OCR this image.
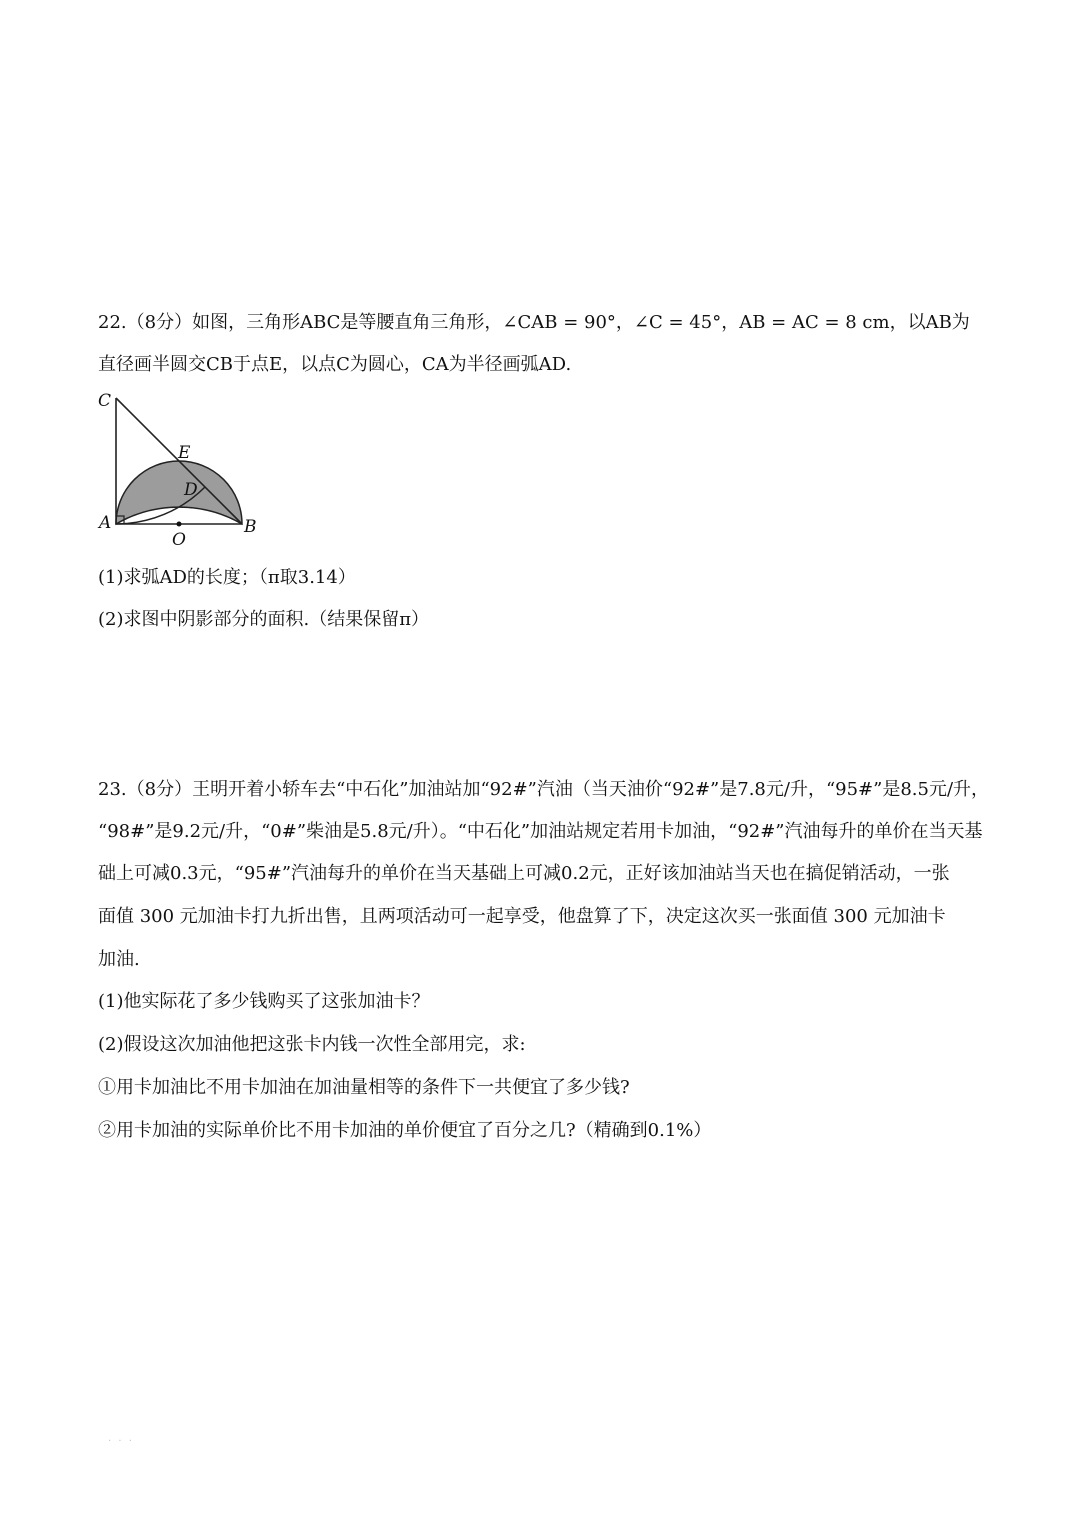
22.（8分）如图，三角形ABC是等腰直角三角形，∠CAB = 90°，∠C = 45°，AB = AC = 8 cm，以AB为

直径画半圆交CB于点E，以点C为圆心，CA为半径画弧AD.

C
E
D
A	B
O

(1)求弧AD的长度；（π取3.14）

(2)求图中阴影部分的面积.（结果保留π）

23.（8分）王明开着小轿车去“中石化”加油站加“92#”汽油（当天油价“92#”是7.8元/升，“95#”是8.5元/升，

“98#”是9.2元/升，“0#”柴油是5.8元/升）。“中石化”加油站规定若用卡加油，“92#”汽油每升的单价在当天基

础上可减0.3元，“95#”汽油每升的单价在当天基础上可减0.2元，正好该加油站当天也在搞促销活动，一张

面值 300 元加油卡打九折出售，且两项活动可一起享受，他盘算了下，决定这次买一张面值 300 元加油卡

加油.

(1)他实际花了多少钱购买了这张加油卡？

(2)假设这次加油他把这张卡内钱一次性全部用完，求:

①用卡加油比不用卡加油在加油量相等的条件下一共便宜了多少钱?

②用卡加油的实际单价比不用卡加油的单价便宜了百分之几?（精确到0.1%）

· · ·
